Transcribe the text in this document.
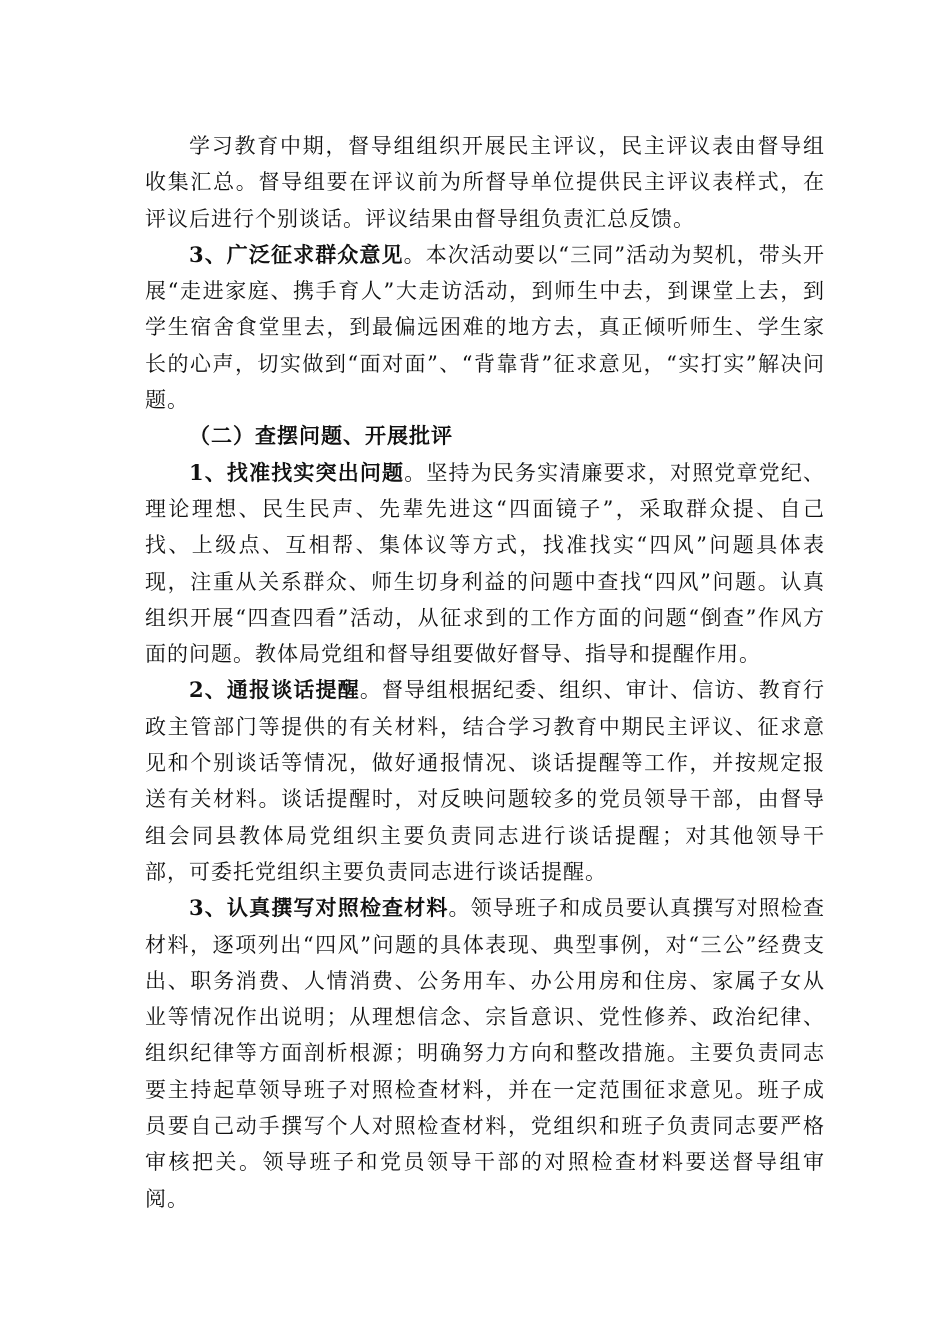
学习教育中期，督导组组织开展民主评议，民主评议表由督导组收集汇总。督导组要在评议前为所督导单位提供民主评议表样式，在评议后进行个别谈话。评议结果由督导组负责汇总反馈。

3、广泛征求群众意见。本次活动要以“三同”活动为契机，带头开展“走进家庭、携手育人”大走访活动，到师生中去，到课堂上去，到学生宿舍食堂里去，到最偏远困难的地方去，真正倾听师生、学生家长的心声，切实做到“面对面”、“背靠背”征求意见，“实打实”解决问题。

（二）查摆问题、开展批评

1、找准找实突出问题。坚持为民务实清廉要求，对照党章党纪、理论理想、民生民声、先辈先进这“四面镜子”，采取群众提、自己找、上级点、互相帮、集体议等方式，找准找实“四风”问题具体表现，注重从关系群众、师生切身利益的问题中查找“四风”问题。认真组织开展“四查四看”活动，从征求到的工作方面的问题“倒查”作风方面的问题。教体局党组和督导组要做好督导、指导和提醒作用。

2、通报谈话提醒。督导组根据纪委、组织、审计、信访、教育行政主管部门等提供的有关材料，结合学习教育中期民主评议、征求意见和个别谈话等情况，做好通报情况、谈话提醒等工作，并按规定报送有关材料。谈话提醒时，对反映问题较多的党员领导干部，由督导组会同县教体局党组织主要负责同志进行谈话提醒；对其他领导干部，可委托党组织主要负责同志进行谈话提醒。

3、认真撰写对照检查材料。领导班子和成员要认真撰写对照检查材料，逐项列出“四风”问题的具体表现、典型事例，对“三公”经费支出、职务消费、人情消费、公务用车、办公用房和住房、家属子女从业等情况作出说明；从理想信念、宗旨意识、党性修养、政治纪律、组织纪律等方面剖析根源；明确努力方向和整改措施。主要负责同志要主持起草领导班子对照检查材料，并在一定范围征求意见。班子成员要自己动手撰写个人对照检查材料，党组织和班子负责同志要严格审核把关。领导班子和党员领导干部的对照检查材料要送督导组审阅。
